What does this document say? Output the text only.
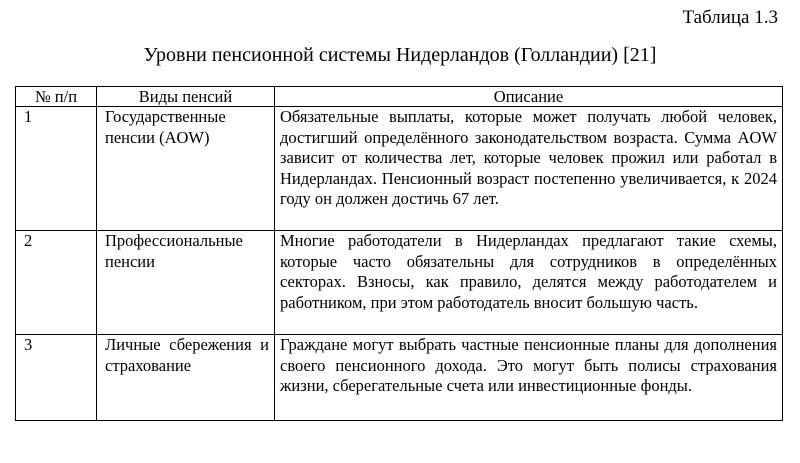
Таблица 1.3
Уровни пенсионной системы Нидерландов (Голландии) [21]
№ п/п	Виды пенсий	Описание
1	Государственные пенсии (AOW)	Обязательные выплаты, которые может получать любой человек, достигший определённого законодательством возраста. Сумма AOW зависит от количества лет, которые человек прожил или работал в Нидерландах. Пенсионный возраст постепенно увеличивается, к 2024 году он должен достичь 67 лет.
2	Профессиональные пенсии	Многие работодатели в Нидерландах предлагают такие схемы, которые часто обязательны для сотрудников в определённых секторах. Взносы, как правило, делятся между работодателем и работником, при этом работодатель вносит большую часть.
3	Личные сбережения и страхование	Граждане могут выбрать частные пенсионные планы для дополнения своего пенсионного дохода. Это могут быть полисы страхования жизни, сберегательные счета или инвестиционные фонды.
